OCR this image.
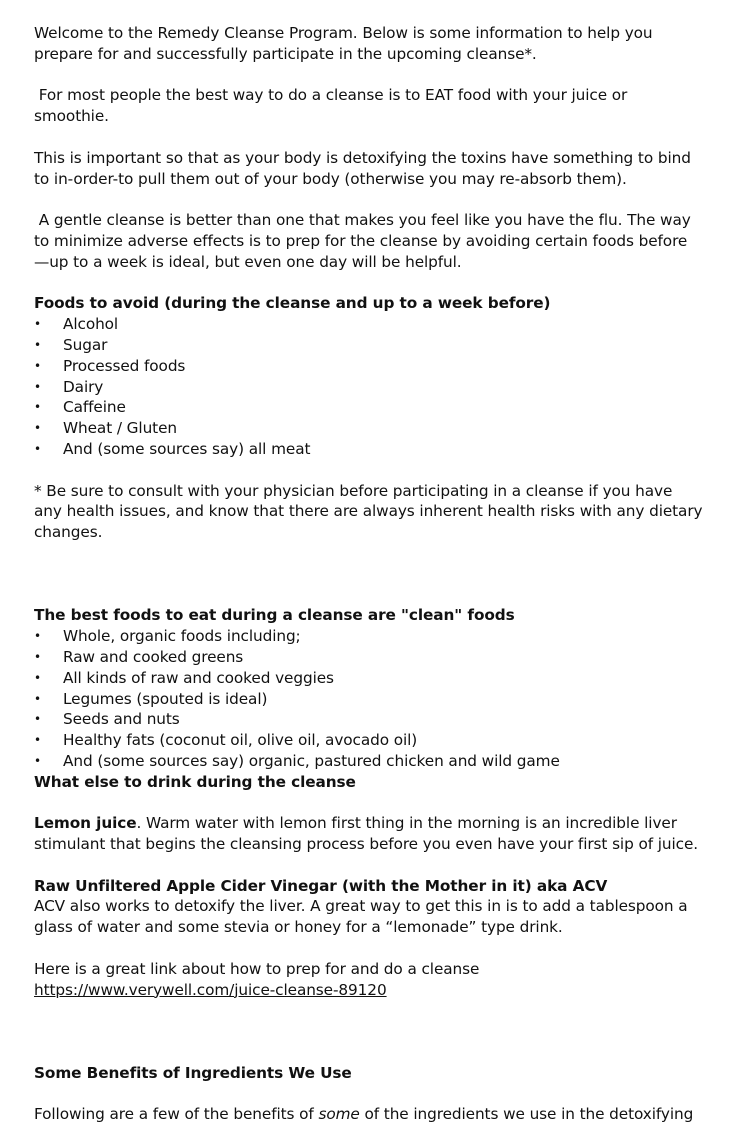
Welcome to the Remedy Cleanse Program. Below is some information to help you prepare for and successfully participate in the upcoming cleanse*.

For most people the best way to do a cleanse is to EAT food with your juice or smoothie.

This is important so that as your body is detoxifying the toxins have something to bind to in-order-to pull them out of your body (otherwise you may re-absorb them).

A gentle cleanse is better than one that makes you feel like you have the flu. The way to minimize adverse effects is to prep for the cleanse by avoiding certain foods before —up to a week is ideal, but even one day will be helpful.

Foods to avoid (during the cleanse and up to a week before)

•	Alcohol
•	Sugar
•	Processed foods
•	Dairy
•	Caffeine
•	Wheat / Gluten
•	And (some sources say) all meat

* Be sure to consult with your physician before participating in a cleanse if you have any health issues, and know that there are always inherent health risks with any dietary changes.

The best foods to eat during a cleanse are "clean" foods

•	Whole, organic foods including;
•	Raw and cooked greens
•	All kinds of raw and cooked veggies
•	Legumes (spouted is ideal)
•	Seeds and nuts
•	Healthy fats (coconut oil, olive oil, avocado oil)
•	And (some sources say) organic, pastured chicken and wild game

What else to drink during the cleanse

Lemon juice. Warm water with lemon first thing in the morning is an incredible liver stimulant that begins the cleansing process before you even have your first sip of juice.

Raw Unfiltered Apple Cider Vinegar (with the Mother in it) aka ACV

ACV also works to detoxify the liver. A great way to get this in is to add a tablespoon a glass of water and some stevia or honey for a “lemonade” type drink.

Here is a great link about how to prep for and do a cleanse

https://www.verywell.com/juice-cleanse-89120

Some Benefits of Ingredients We Use

Following are a few of the benefits of some of the ingredients we use in the detoxifying
